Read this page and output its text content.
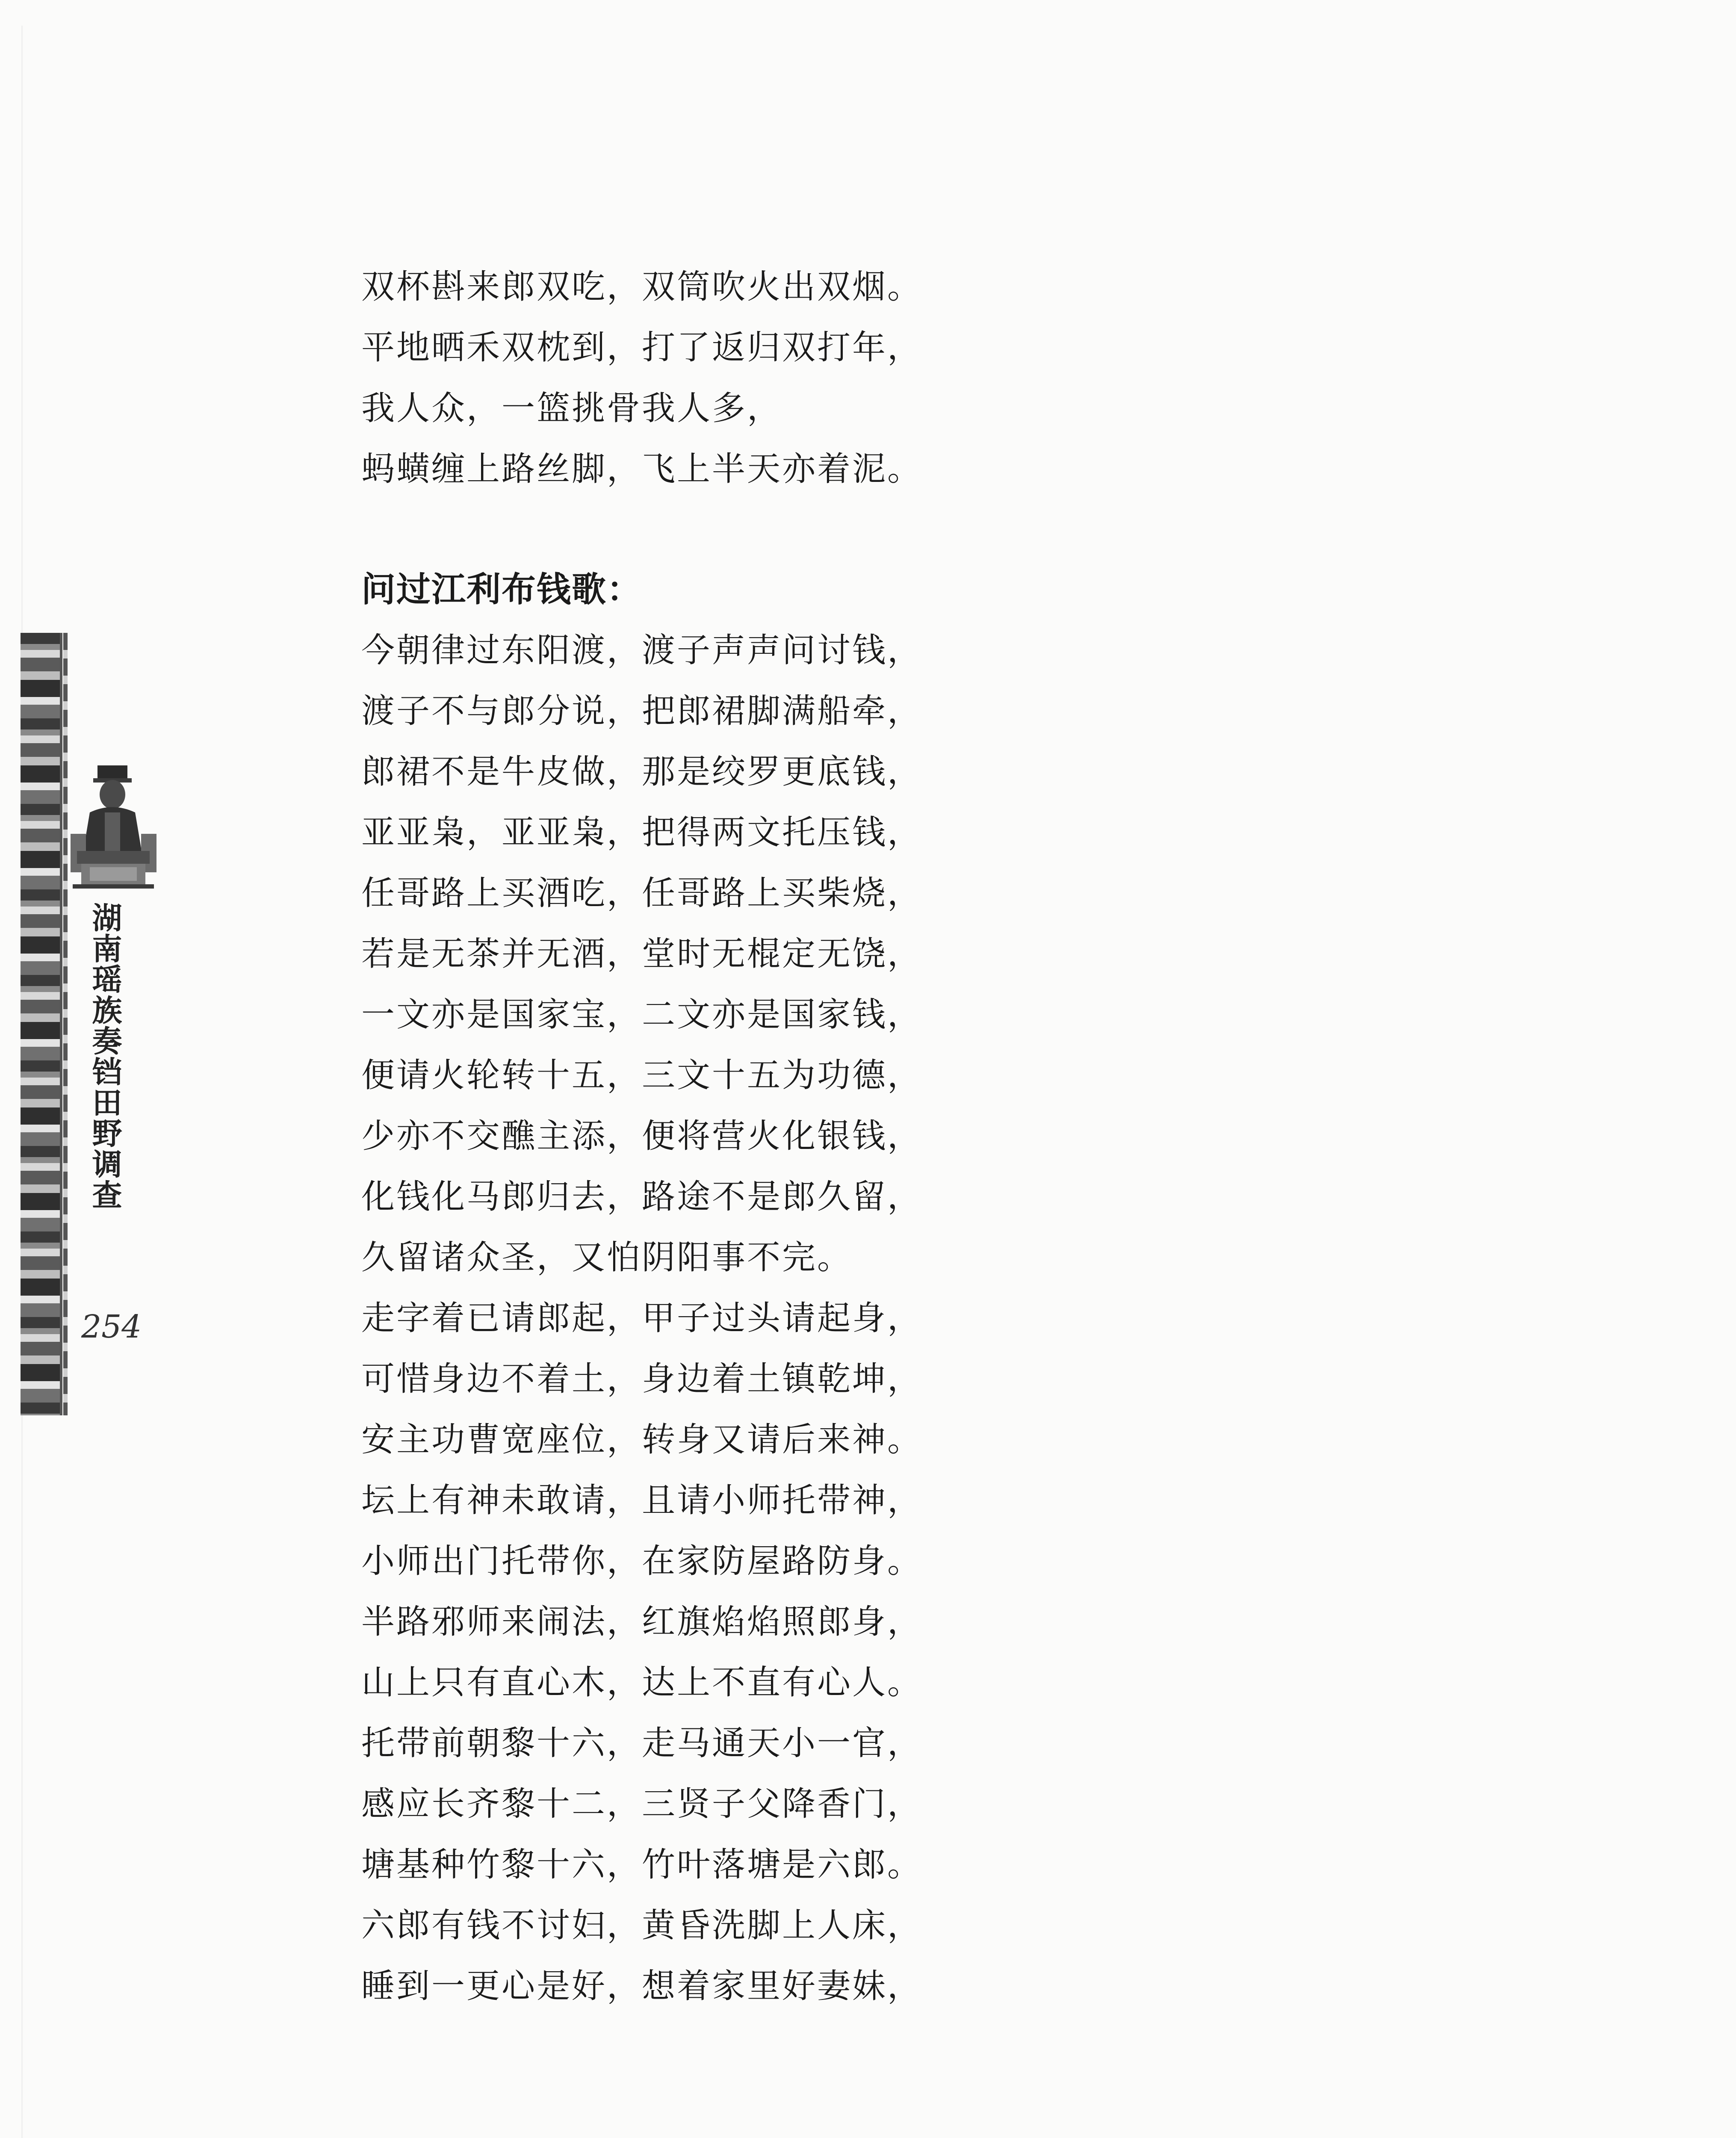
湖南瑶族奏铛田野调查
254
双杯斟来郎双吃，双筒吹火出双烟。
平地晒禾双枕到，打了返归双打年，
我人众，一篮挑骨我人多，
蚂蟥缠上路丝脚，飞上半天亦着泥。
问过江利布钱歌：
今朝律过东阳渡，渡子声声问讨钱，
渡子不与郎分说，把郎裙脚满船牵，
郎裙不是牛皮做，那是绞罗更底钱，
亚亚枭，亚亚枭，把得两文托压钱，
任哥路上买酒吃，任哥路上买柴烧，
若是无茶并无酒，堂时无棍定无饶，
一文亦是国家宝，二文亦是国家钱，
便请火轮转十五，三文十五为功德，
少亦不交醮主添，便将营火化银钱，
化钱化马郎归去，路途不是郎久留，
久留诸众圣，又怕阴阳事不完。
走字着已请郎起，甲子过头请起身，
可惜身边不着土，身边着土镇乾坤，
安主功曹宽座位，转身又请后来神。
坛上有神未敢请，且请小师托带神，
小师出门托带你，在家防屋路防身。
半路邪师来闹法，红旗焰焰照郎身，
山上只有直心木，达上不直有心人。
托带前朝黎十六，走马通天小一官，
感应长齐黎十二，三贤子父降香门，
塘基种竹黎十六，竹叶落塘是六郎。
六郎有钱不讨妇，黄昏洗脚上人床，
睡到一更心是好，想着家里好妻妹，
